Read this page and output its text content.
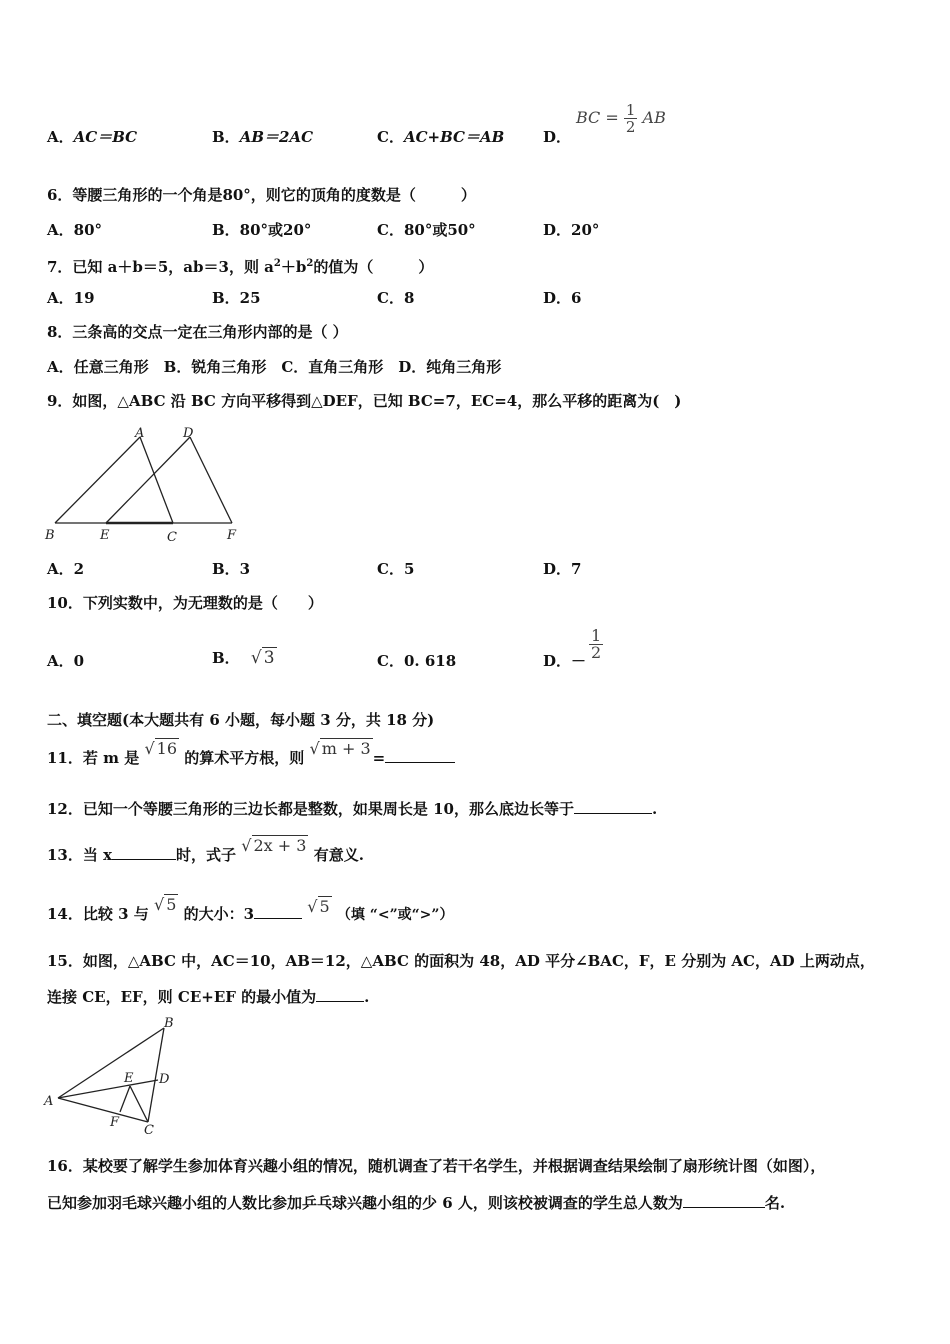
A．AC＝BC	B．AB＝2AC	C．AC+BC＝AB	D．
BC = $\frac{1}{2}$ AB
6．等腰三角形的一个角是80°，则它的顶角的度数是（　　　）
A．80°	B．80°或20°	C．80°或50°	D．20°
7．已知 a＋b＝5，ab＝3，则 $a^2+b^2$的值为（　　　）
A．19	B．25	C．8	D．6
8．三条高的交点一定在三角形内部的是（ ）
A．任意三角形　B．锐角三角形　C．直角三角形　D．纯角三角形
9．如图，△ABC 沿 BC 方向平移得到△DEF，已知 BC=7，EC=4，那么平移的距离为(　)
A	D
B	E	C	F
A．2	B．3	C．5	D．7
10．下列实数中，为无理数的是（　　）
A．0	B． √ 3	C．0. 618	D．－ $\frac{1}{2}$
二、填空题(本大题共有 6 小题，每小题 3 分，共 18 分)
11．若 m 是 √ 16 的算术平方根，则 √ m + 3 =
12．已知一个等腰三角形的三边长都是整数，如果周长是 10，那么底边长等于	.
13．当 x	时，式子 √ 2x + 3 有意义.
14．比较 3 与 √ 5 的大小：3	√ 5 （填 “<”或“>”）
15．如图，△ABC 中，AC＝10，AB＝12，△ABC 的面积为 48，AD 平分∠BAC，F，E 分别为 AC，AD 上两动点，
连接 CE，EF，则 CE+EF 的最小值为	.
B
E D
A
F
C
16．某校要了解学生参加体育兴趣小组的情况，随机调查了若干名学生，并根据调查结果绘制了扇形统计图（如图），
已知参加羽毛球兴趣小组的人数比参加乒乓球兴趣小组的少 6 人，则该校被调查的学生总人数为	名.
